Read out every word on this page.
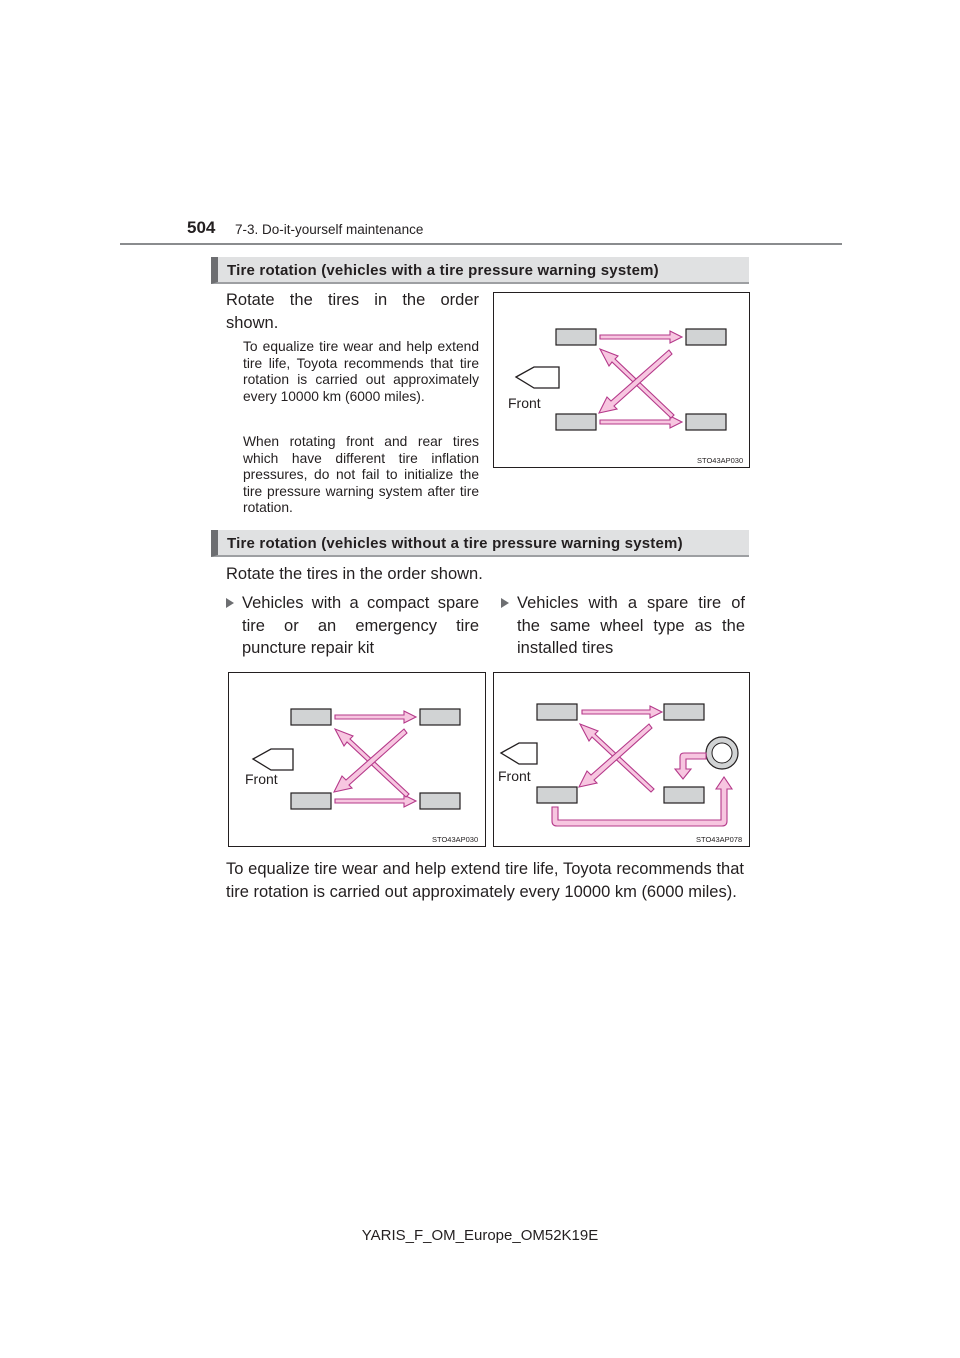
504 7-3. Do-it-yourself maintenance
Tire rotation (vehicles with a tire pressure warning system)
Rotate the tires in the order shown.
To equalize tire wear and help extend tire life, Toyota recommends that tire rotation is carried out approximately every 10000 km (6000 miles).
When rotating front and rear tires which have different tire inflation pressures, do not fail to initialize the tire pressure warning system after tire rotation.
Front
STO43AP030
Tire rotation (vehicles without a tire pressure warning system)
Rotate the tires in the order shown.
Vehicles with a compact spare tire or an emergency tire puncture repair kit
Vehicles with a spare tire of the same wheel type as the installed tires
Front
STO43AP030
Front
STO43AP078
To equalize tire wear and help extend tire life, Toyota recommends that tire rotation is carried out approximately every 10000 km (6000 miles).
YARIS_F_OM_Europe_OM52K19E
